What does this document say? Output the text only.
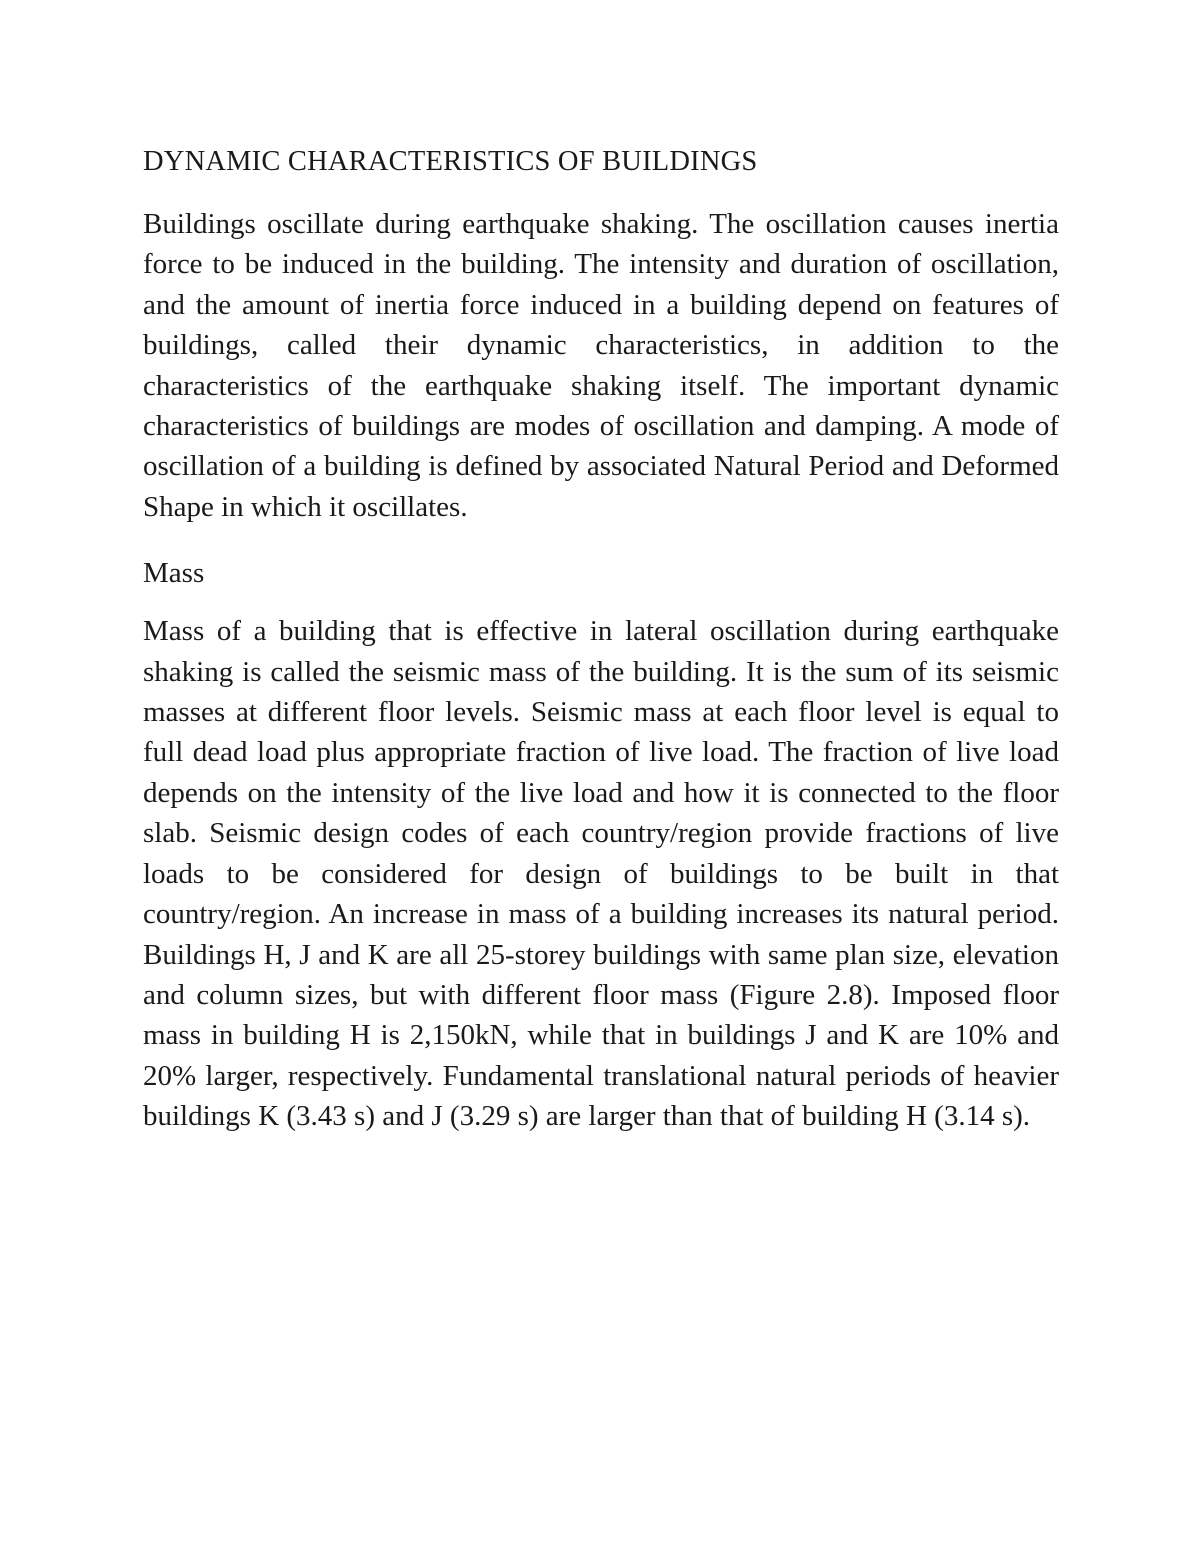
DYNAMIC CHARACTERISTICS OF BUILDINGS

Buildings oscillate during earthquake shaking. The oscillation causes inertia force to be induced in the building. The intensity and duration of oscillation, and the amount of inertia force induced in a building depend on features of buildings, called their dynamic characteristics, in addition to the characteristics of the earthquake shaking itself. The important dynamic characteristics of buildings are modes of oscillation and damping. A mode of oscillation of a building is defined by associated Natural Period and Deformed Shape in which it oscillates.

Mass

Mass of a building that is effective in lateral oscillation during earthquake shaking is called the seismic mass of the building. It is the sum of its seismic masses at different floor levels. Seismic mass at each floor level is equal to full dead load plus appropriate fraction of live load. The fraction of live load depends on the intensity of the live load and how it is connected to the floor slab. Seismic design codes of each country/region provide fractions of live loads to be considered for design of buildings to be built in that country/region. An increase in mass of a building increases its natural period. Buildings H, J and K are all 25-storey buildings with same plan size, elevation and column sizes, but with different floor mass (Figure 2.8). Imposed floor mass in building H is 2,150kN, while that in buildings J and K are 10% and 20% larger, respectively. Fundamental translational natural periods of heavier buildings K (3.43 s) and J (3.29 s) are larger than that of building H (3.14 s).
